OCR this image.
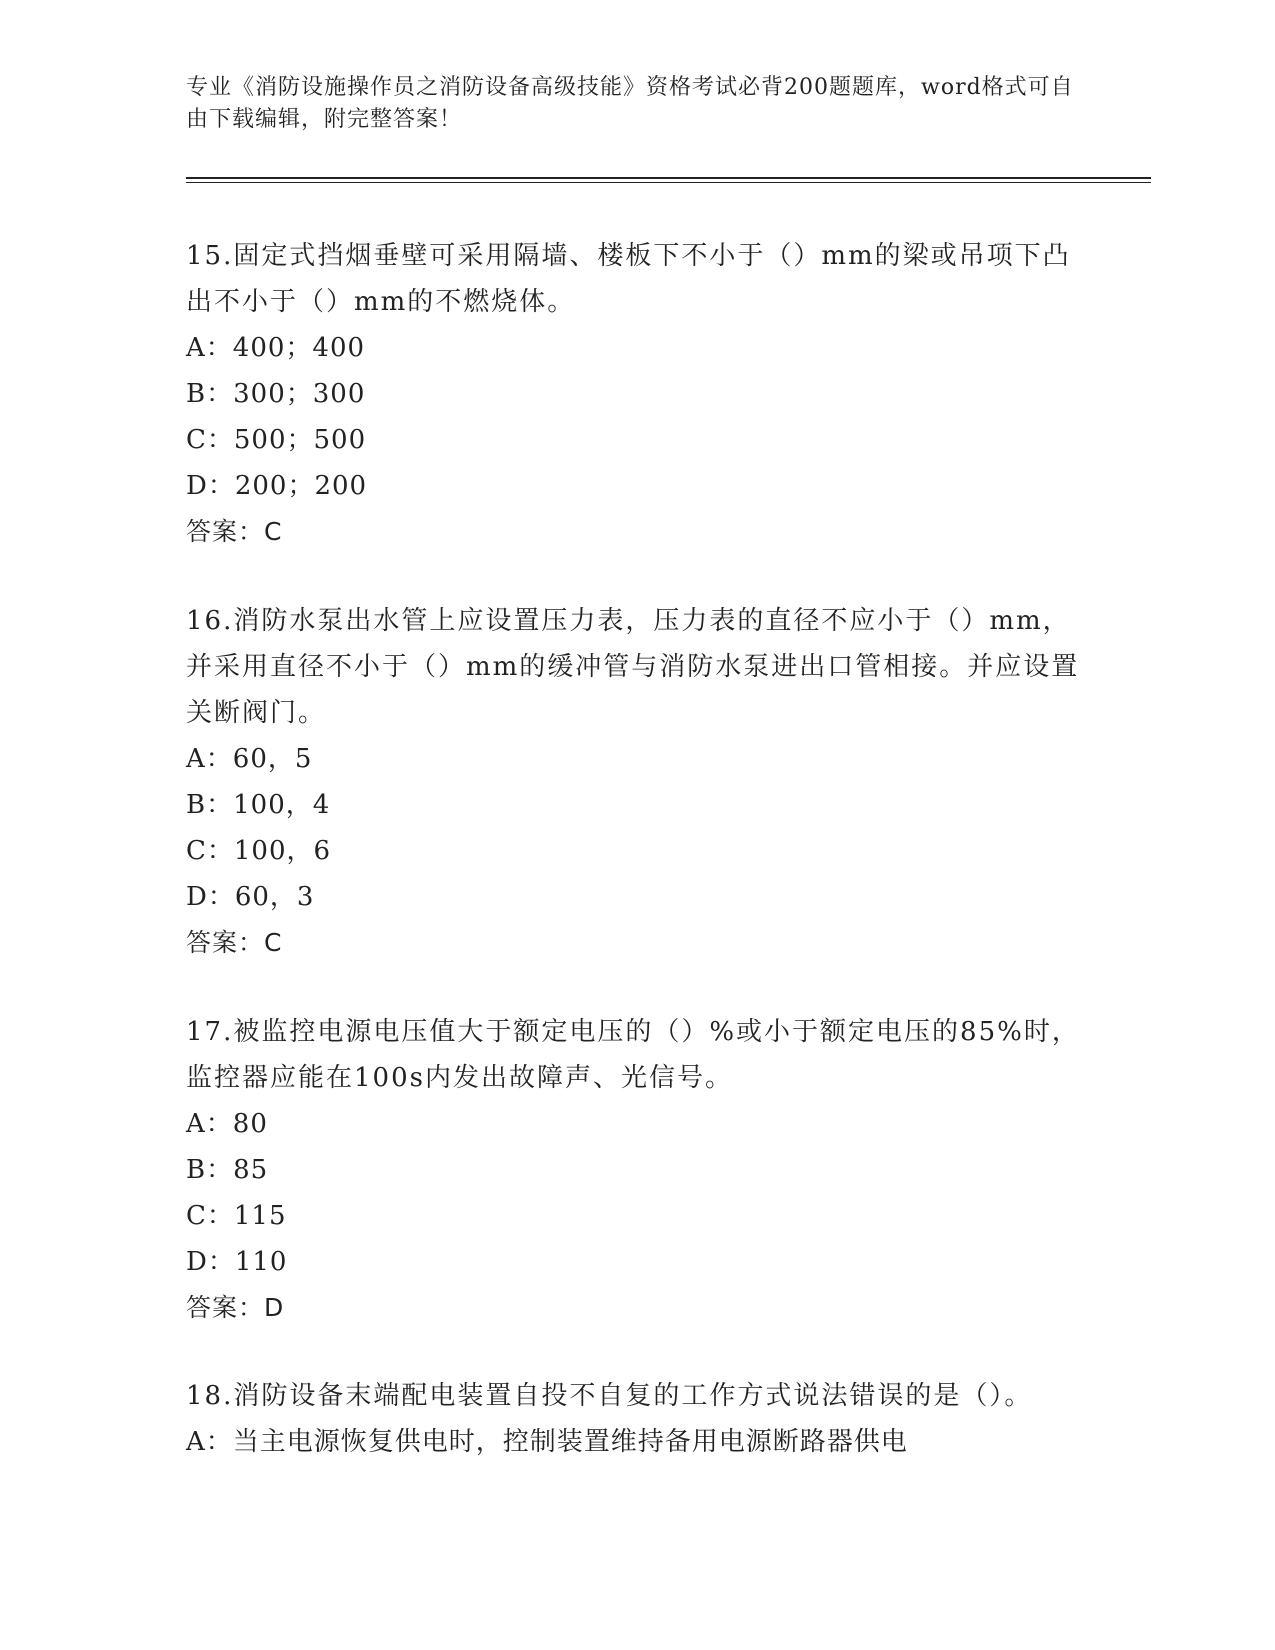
专业《消防设施操作员之消防设备高级技能》资格考试必背200题题库，word格式可自由下载编辑，附完整答案！

15.固定式挡烟垂壁可采用隔墙、楼板下不小于（）mm的梁或吊项下凸出不小于（）mm的不燃烧体。

A：400；400

B：300；300

C：500；500

D：200；200

答案：C

16.消防水泵出水管上应设置压力表，压力表的直径不应小于（）mm，并采用直径不小于（）mm的缓冲管与消防水泵进出口管相接。并应设置关断阀门。

A：60，5

B：100，4

C：100，6

D：60，3

答案：C

17.被监控电源电压值大于额定电压的（）%或小于额定电压的85%时，监控器应能在100s内发出故障声、光信号。

A：80

B：85

C：115

D：110

答案：D

18.消防设备末端配电装置自投不自复的工作方式说法错误的是（）。

A：当主电源恢复供电时，控制装置维持备用电源断路器供电
